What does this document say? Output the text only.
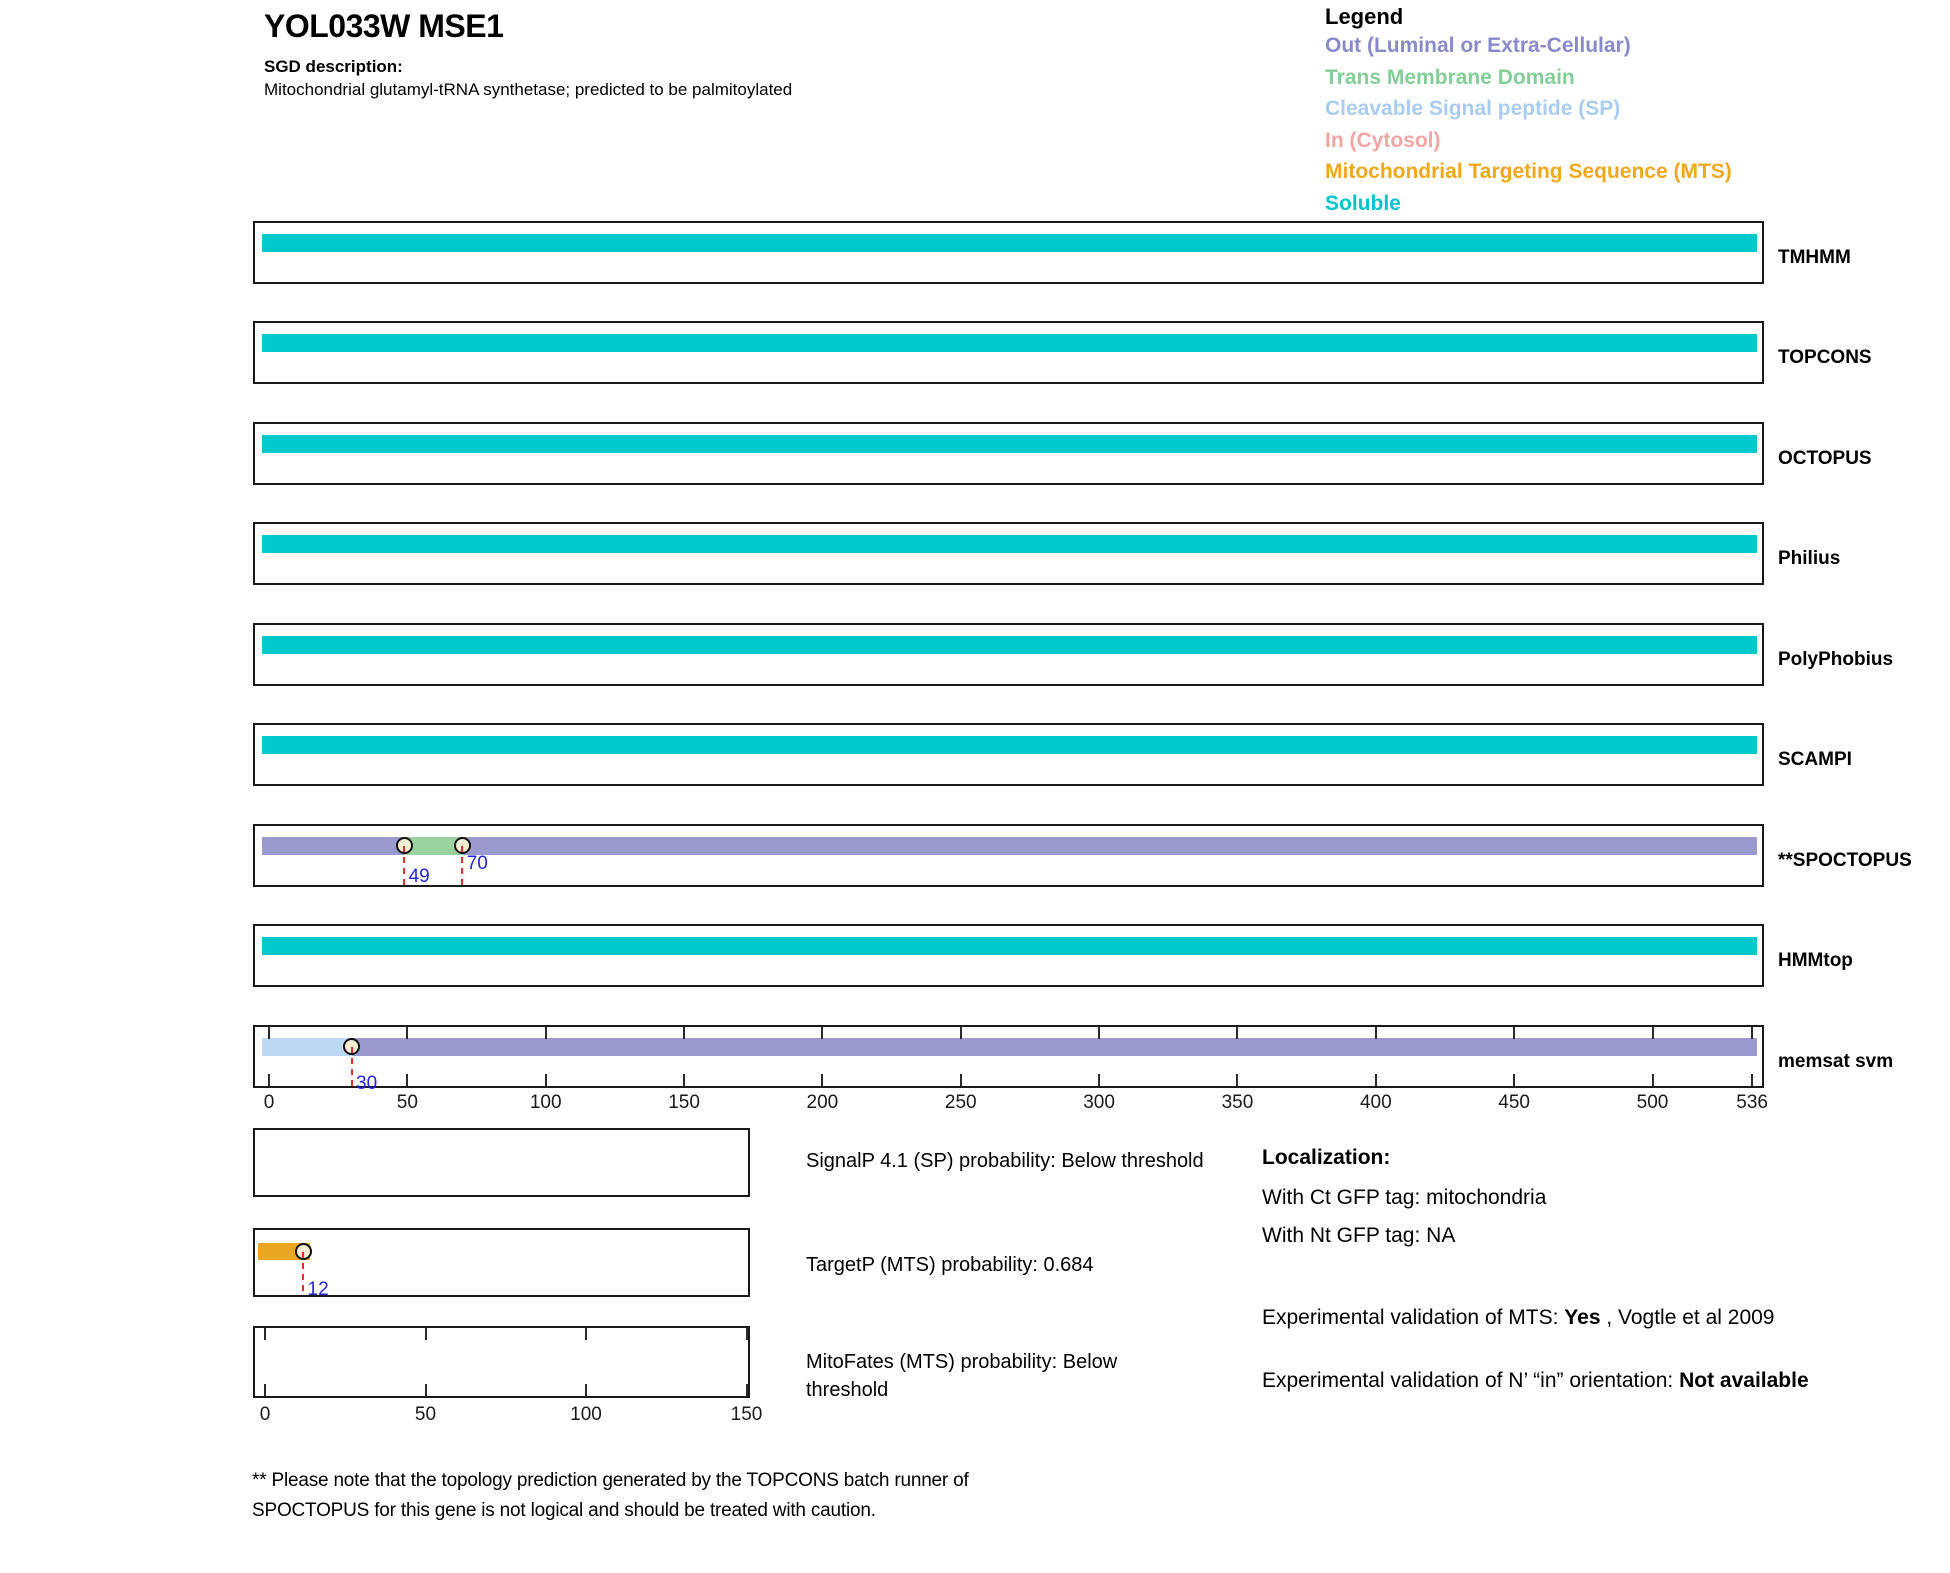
YOL033W MSE1
SGD description:
Mitochondrial glutamyl-tRNA synthetase; predicted to be palmitoylated
Legend
Out (Luminal or Extra-Cellular)
Trans Membrane Domain
Cleavable Signal peptide (SP)
In (Cytosol)
Mitochondrial Targeting Sequence (MTS)
Soluble
TMHMM
TOPCONS
OCTOPUS
Philius
PolyPhobius
SCAMPI
49
70	**SPOCTOPUS
HMMtop
30
memsat svm
0	50	100	150	200	250	300	350	400	450	500	536
12
0	50	100	150
SignalP 4.1 (SP) probability: Below threshold
TargetP (MTS) probability: 0.684
MitoFates (MTS) probability: Below threshold
Localization:
With Ct GFP tag: mitochondria
With Nt GFP tag: NA
Experimental validation of MTS: Yes , Vogtle et al 2009
Experimental validation of N’ “in” orientation: Not available
** Please note that the topology prediction generated by the TOPCONS batch runner of
SPOCTOPUS for this gene is not logical and should be treated with caution.
